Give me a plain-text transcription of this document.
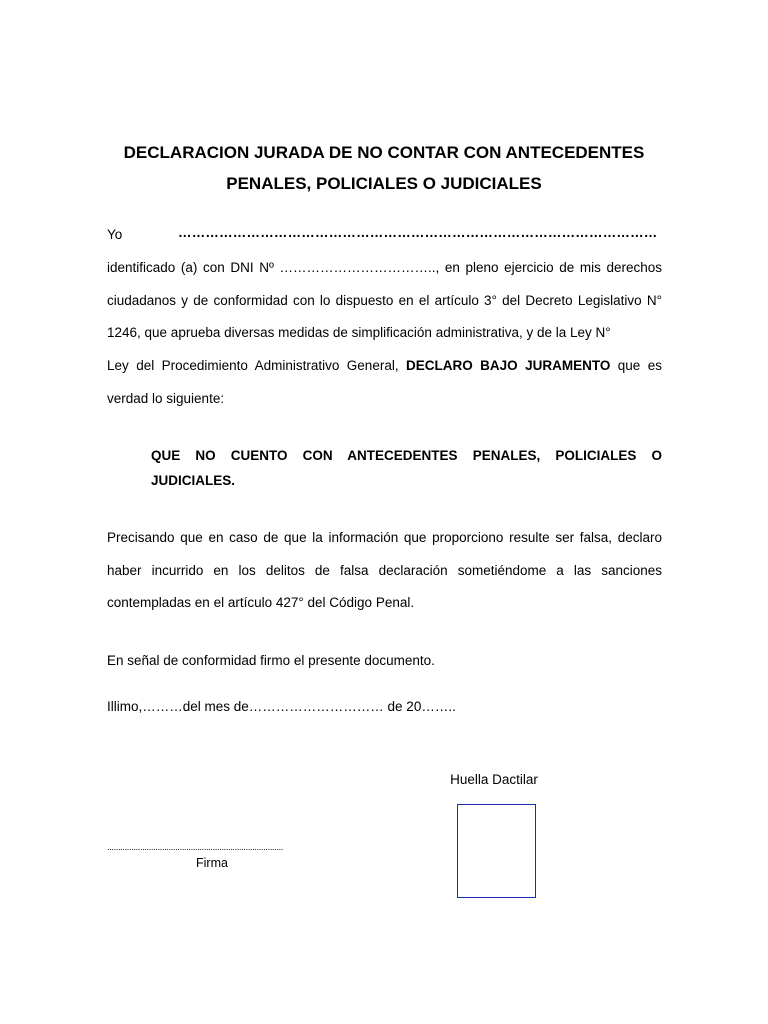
DECLARACION JURADA DE NO CONTAR CON ANTECEDENTES
PENALES, POLICIALES O JUDICIALES
Yo	……………………………………………………………………………………………
identificado (a) con DNI Nº …………………………….., en pleno ejercicio de mis derechos
ciudadanos y de conformidad con lo dispuesto en el artículo 3° del Decreto Legislativo N°
1246, que aprueba diversas medidas de simplificación administrativa, y de la Ley N°
Ley del Procedimiento Administrativo General, DECLARO BAJO JURAMENTO que es
verdad lo siguiente:
QUE NO CUENTO CON ANTECEDENTES PENALES, POLICIALES O
JUDICIALES.
Precisando que en caso de que la información que proporciono resulte ser falsa, declaro
haber incurrido en los delitos de falsa declaración sometiéndome a las sanciones
contempladas en el artículo 427° del Código Penal.
En señal de conformidad firmo el presente documento.
Illimo,………del mes de………………………… de 20……..
Huella Dactilar
................................................................................
Firma
